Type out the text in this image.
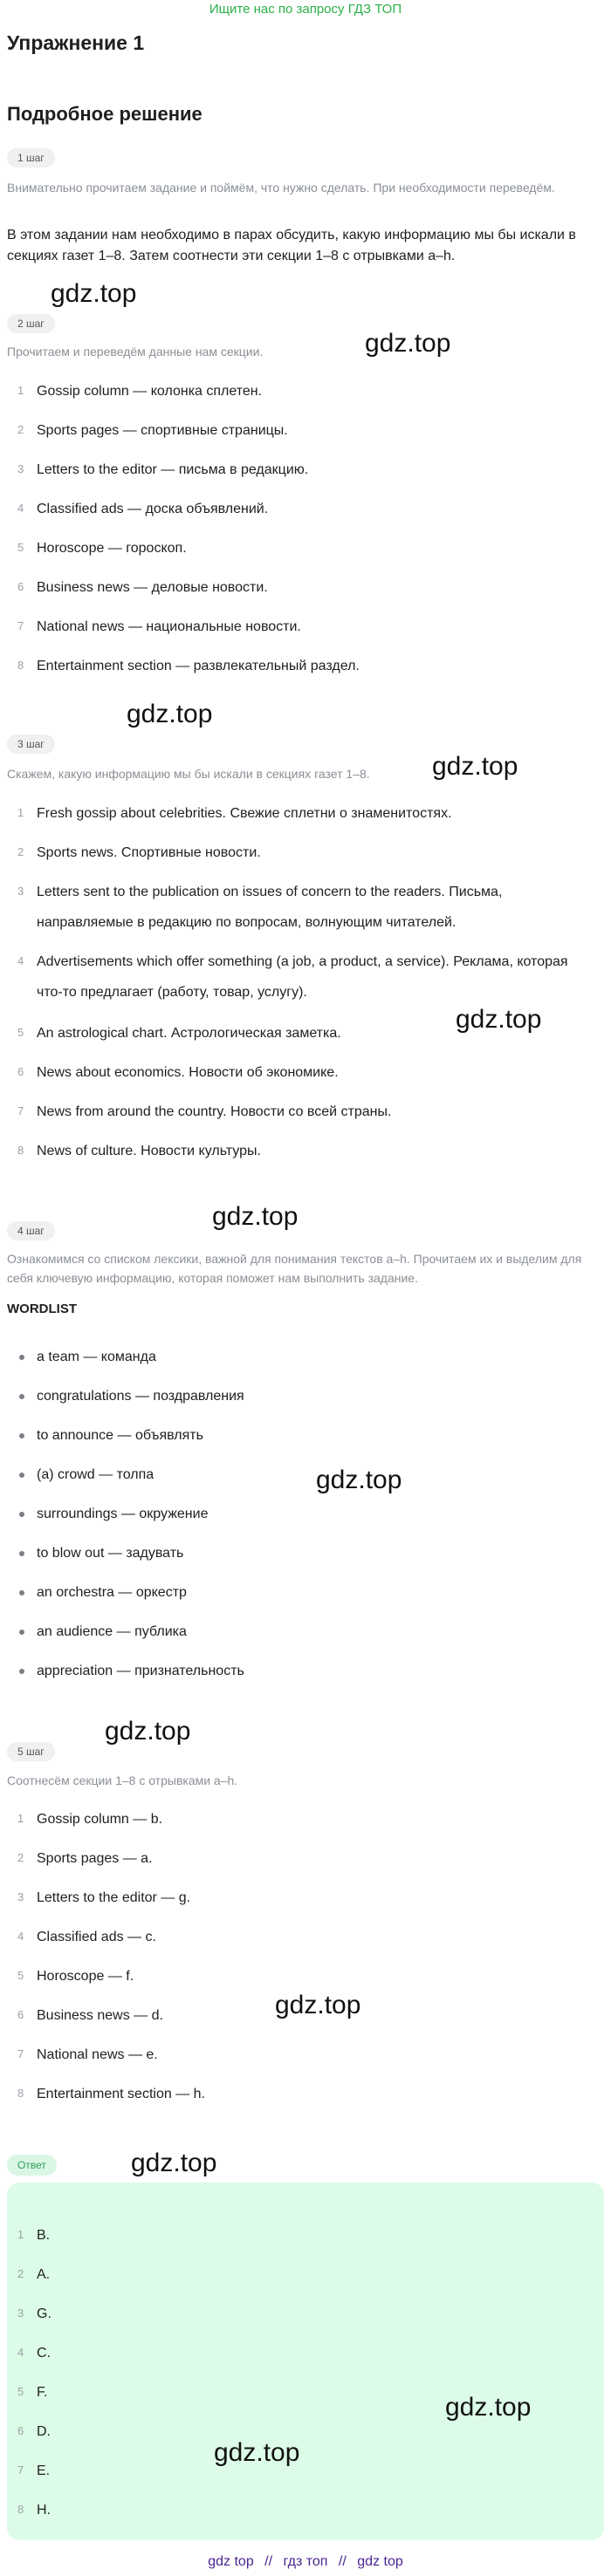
Ищите нас по запросу ГДЗ ТОП
Упражнение 1
Подробное решение
1 шаг
Внимательно прочитаем задание и поймём, что нужно сделать. При необходимости переведём.
В этом задании нам необходимо в парах обсудить, какую информацию мы бы искали в секциях газет 1–8. Затем соотнести эти секции 1–8 с отрывками a–h.
2 шаг
Прочитаем и переведём данные нам секции.
1 Gossip column — колонка сплетен.
2 Sports pages — спортивные страницы.
3 Letters to the editor — письма в редакцию.
4 Classified ads — доска объявлений.
5 Horoscope — гороскоп.
6 Business news — деловые новости.
7 National news — национальные новости.
8 Entertainment section — развлекательный раздел.
3 шаг
Скажем, какую информацию мы бы искали в секциях газет 1–8.
1 Fresh gossip about celebrities. Свежие сплетни о знаменитостях.
2 Sports news. Спортивные новости.
3 Letters sent to the publication on issues of concern to the readers. Письма, направляемые в редакцию по вопросам, волнующим читателей.
4 Advertisements which offer something (a job, a product, a service). Реклама, которая что-то предлагает (работу, товар, услугу).
5 An astrological chart. Астрологическая заметка.
6 News about economics. Новости об экономике.
7 News from around the country. Новости со всей страны.
8 News of culture. Новости культуры.
4 шаг
Ознакомимся со списком лексики, важной для понимания текстов a–h. Прочитаем их и выделим для себя ключевую информацию, которая поможет нам выполнить задание.
WORDLIST
a team — команда
congratulations — поздравления
to announce — объявлять
(a) crowd — толпа
surroundings — окружение
to blow out — задувать
an orchestra — оркестр
an audience — публика
appreciation — признательность
5 шаг
Соотнесём секции 1–8 с отрывками a–h.
1 Gossip column — b.
2 Sports pages — a.
3 Letters to the editor — g.
4 Classified ads — c.
5 Horoscope — f.
6 Business news — d.
7 National news — e.
8 Entertainment section — h.
Ответ
1 B.
2 A.
3 G.
4 C.
5 F.
6 D.
7 E.
8 H.
gdz.top
gdz.top
gdz.top
gdz.top
gdz.top
gdz.top
gdz.top
gdz.top
gdz.top
gdz.top
gdz.top
gdz.top
gdz top // гдз топ // gdz top
